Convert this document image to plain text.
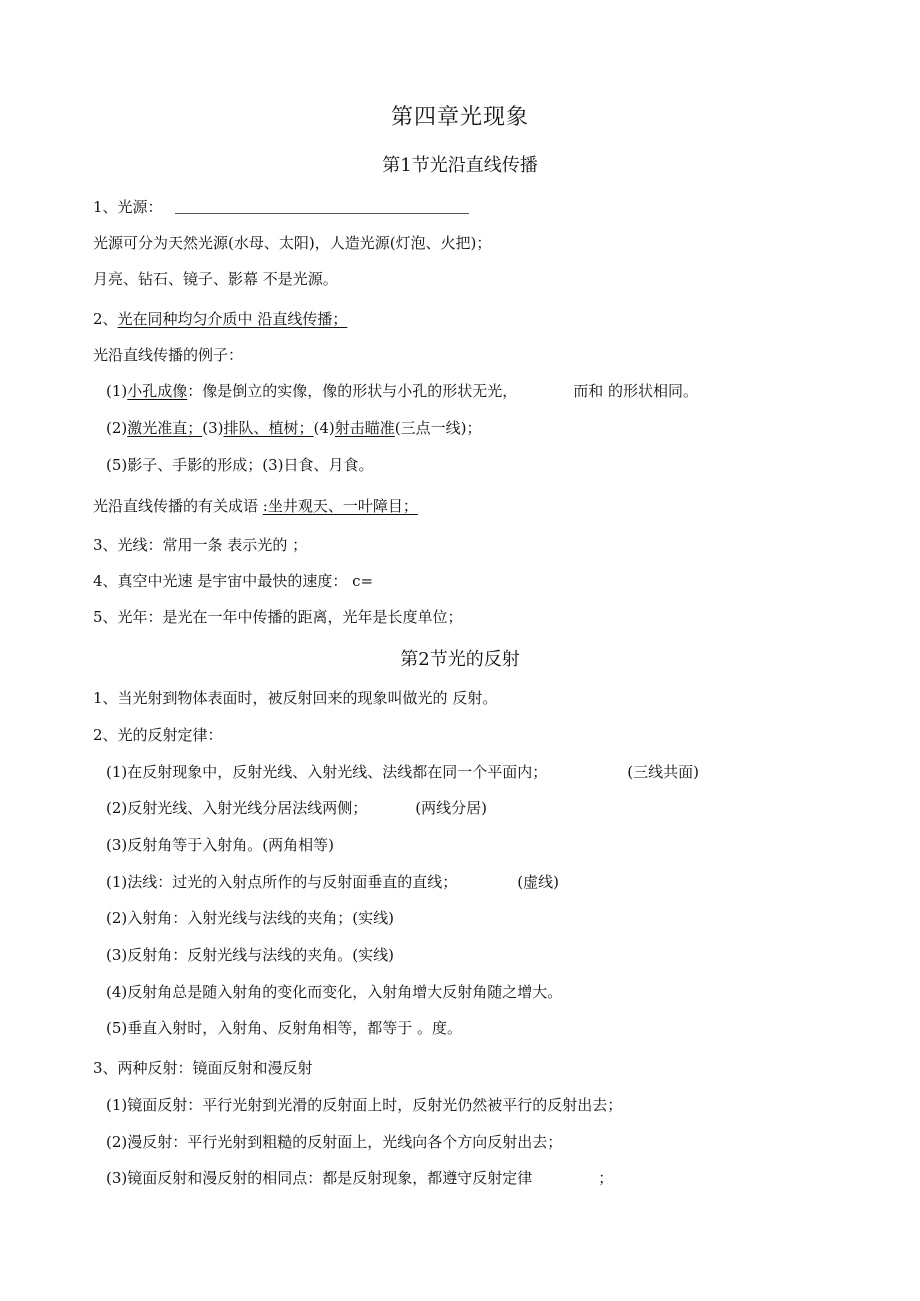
第四章光现象
第1节光沿直线传播
1、光源：
光源可分为天然光源(水母、太阳)，人造光源(灯泡、火把)；
月亮、钻石、镜子、影幕 不是光源。
2、光在同种均匀介质中 沿直线传播；
光沿直线传播的例子：
(1)小孔成像：像是倒立的实像，像的形状与小孔的形状无光，	而和 的形状相同。
(2)激光准直；(3)排队、植树；(4)射击瞄准(三点一线)；
(5)影子、手影的形成；(3)日食、月食。
光沿直线传播的有关成语 :坐井观天、一叶障目；
3、光线：常用一条 表示光的 ；
4、真空中光速 是宇宙中最快的速度： c=
5、光年：是光在一年中传播的距离，光年是长度单位；
第2节光的反射
1、当光射到物体表面时，被反射回来的现象叫做光的 反射。
2、光的反射定律：
(1)在反射现象中，反射光线、入射光线、法线都在同一个平面内；	(三线共面)
(2)反射光线、入射光线分居法线两侧；	(两线分居)
(3)反射角等于入射角。(两角相等)
(1)法线：过光的入射点所作的与反射面垂直的直线；	(虚线)
(2)入射角：入射光线与法线的夹角；(实线)
(3)反射角：反射光线与法线的夹角。(实线)
(4)反射角总是随入射角的变化而变化，入射角增大反射角随之增大。
(5)垂直入射时，入射角、反射角相等，都等于 。度。
3、两种反射：镜面反射和漫反射
(1)镜面反射：平行光射到光滑的反射面上时，反射光仍然被平行的反射出去；
(2)漫反射：平行光射到粗糙的反射面上，光线向各个方向反射出去；
(3)镜面反射和漫反射的相同点：都是反射现象，都遵守反射定律	；
